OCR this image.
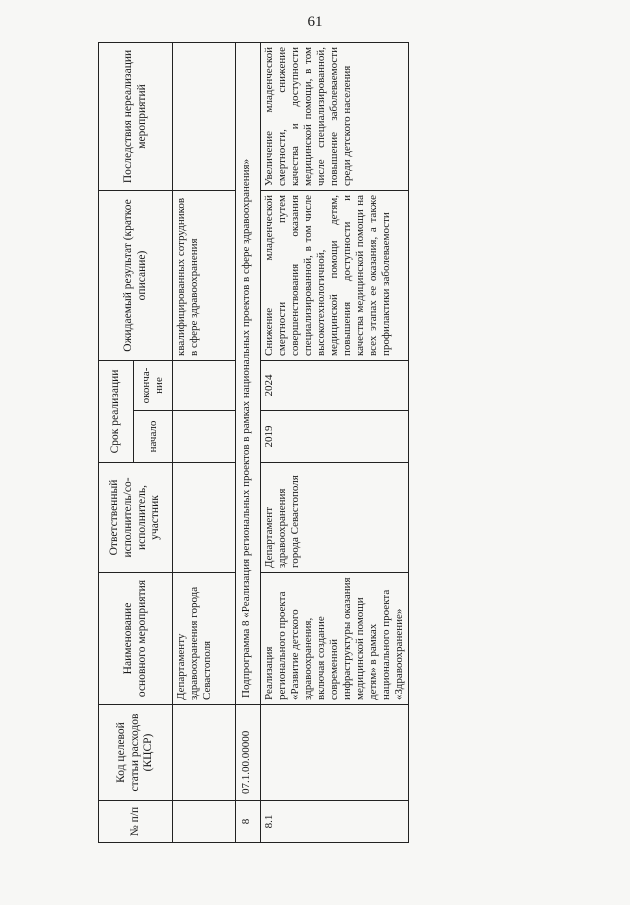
61
№ п/п	Код целевой статьи расходов (КЦСР)	Наименование основного мероприятия	Ответственный исполнитель/со-исполнитель, участник	Срок реализации		Ожидаемый результат (краткое описание)	Последствия нереализации мероприятий
				начало	оконча-ние		
		Департаменту здравоохранения города Севастополя				квалифицированных сотрудников в сфере здравоохранения	
8	07.1.00.00000	Подпрограмма 8 «Реализация региональных проектов в рамках национальных проектов в сфере здравоохранения»					
8.1		Реализация регионального проекта «Развитие детского здравоохранения, включая создание современной инфраструктуры оказания медицинской помощи детям» в рамках национального проекта «Здравоохранение»	Департамент здравоохранения города Севастополя	2019	2024	Снижение младенческой смертности путем совершенствования оказания специализированной, в том числе высокотехнологичной, медицинской помощи детям, повышения доступности и качества медицинской помощи на всех этапах ее оказания, а также профилактики заболеваемости	Увеличение младенческой смертности, снижение качества и доступности медицинской помощи, в том числе специализированной, повышение заболеваемости среди детского населения
